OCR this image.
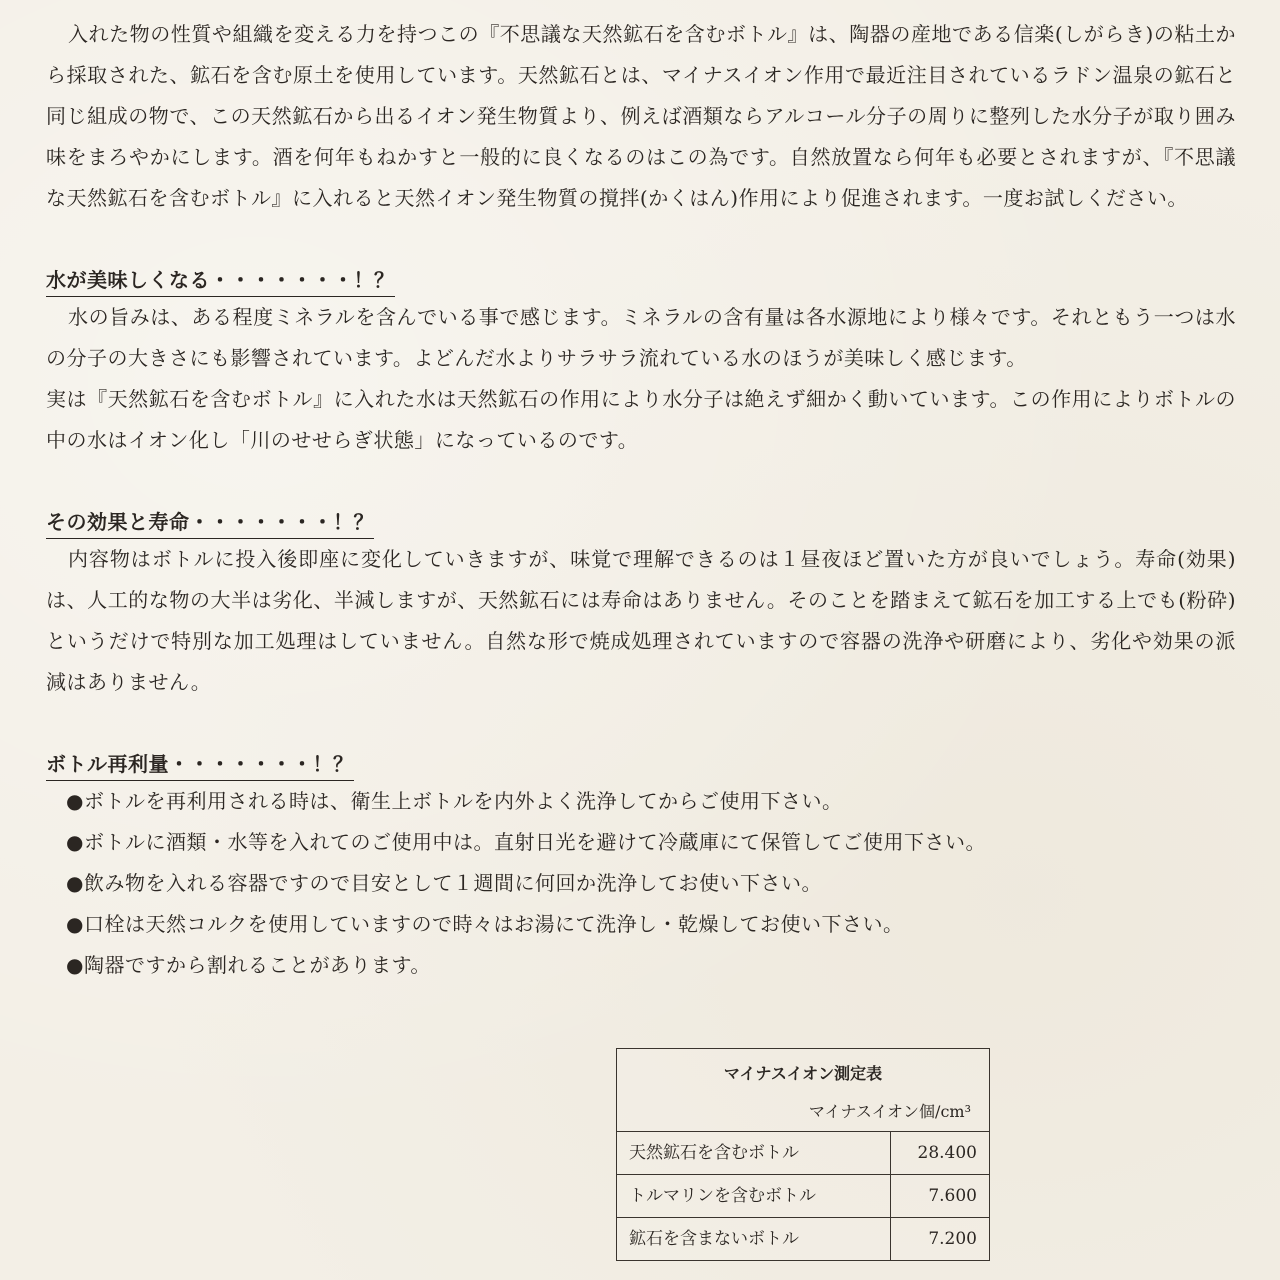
入れた物の性質や組織を変える力を持つこの『不思議な天然鉱石を含むボトル』は、陶器の産地である信楽(しがらき)の粘土から採取された、鉱石を含む原土を使用しています。天然鉱石とは、マイナスイオン作用で最近注目されているラドン温泉の鉱石と同じ組成の物で、この天然鉱石から出るイオン発生物質より、例えば酒類ならアルコール分子の周りに整列した水分子が取り囲み味をまろやかにします。酒を何年もねかすと一般的に良くなるのはこの為です。自然放置なら何年も必要とされますが、『不思議な天然鉱石を含むボトル』に入れると天然イオン発生物質の撹拌(かくはん)作用により促進されます。一度お試しください。

水が美味しくなる・・・・・・・！？

水の旨みは、ある程度ミネラルを含んでいる事で感じます。ミネラルの含有量は各水源地により様々です。それともう一つは水の分子の大きさにも影響されています。よどんだ水よりサラサラ流れている水のほうが美味しく感じます。

実は『天然鉱石を含むボトル』に入れた水は天然鉱石の作用により水分子は絶えず細かく動いています。この作用によりボトルの中の水はイオン化し「川のせせらぎ状態」になっているのです。

その効果と寿命・・・・・・・！？

内容物はボトルに投入後即座に変化していきますが、味覚で理解できるのは１昼夜ほど置いた方が良いでしょう。寿命(効果)は、人工的な物の大半は劣化、半減しますが、天然鉱石には寿命はありません。そのことを踏まえて鉱石を加工する上でも(粉砕)というだけで特別な加工処理はしていません。自然な形で焼成処理されていますので容器の洗浄や研磨により、劣化や効果の派減はありません。

ボトル再利量・・・・・・・！？
●ボトルを再利用される時は、衛生上ボトルを内外よく洗浄してからご使用下さい。
●ボトルに酒類・水等を入れてのご使用中は。直射日光を避けて冷蔵庫にて保管してご使用下さい。
●飲み物を入れる容器ですので目安として１週間に何回か洗浄してお使い下さい。
●口栓は天然コルクを使用していますので時々はお湯にて洗浄し・乾燥してお使い下さい。
●陶器ですから割れることがあります。
マイナスイオン測定表
マイナスイオン個/cm³
天然鉱石を含むボトル	28.400
トルマリンを含むボトル	7.600
鉱石を含まないボトル	7.200
